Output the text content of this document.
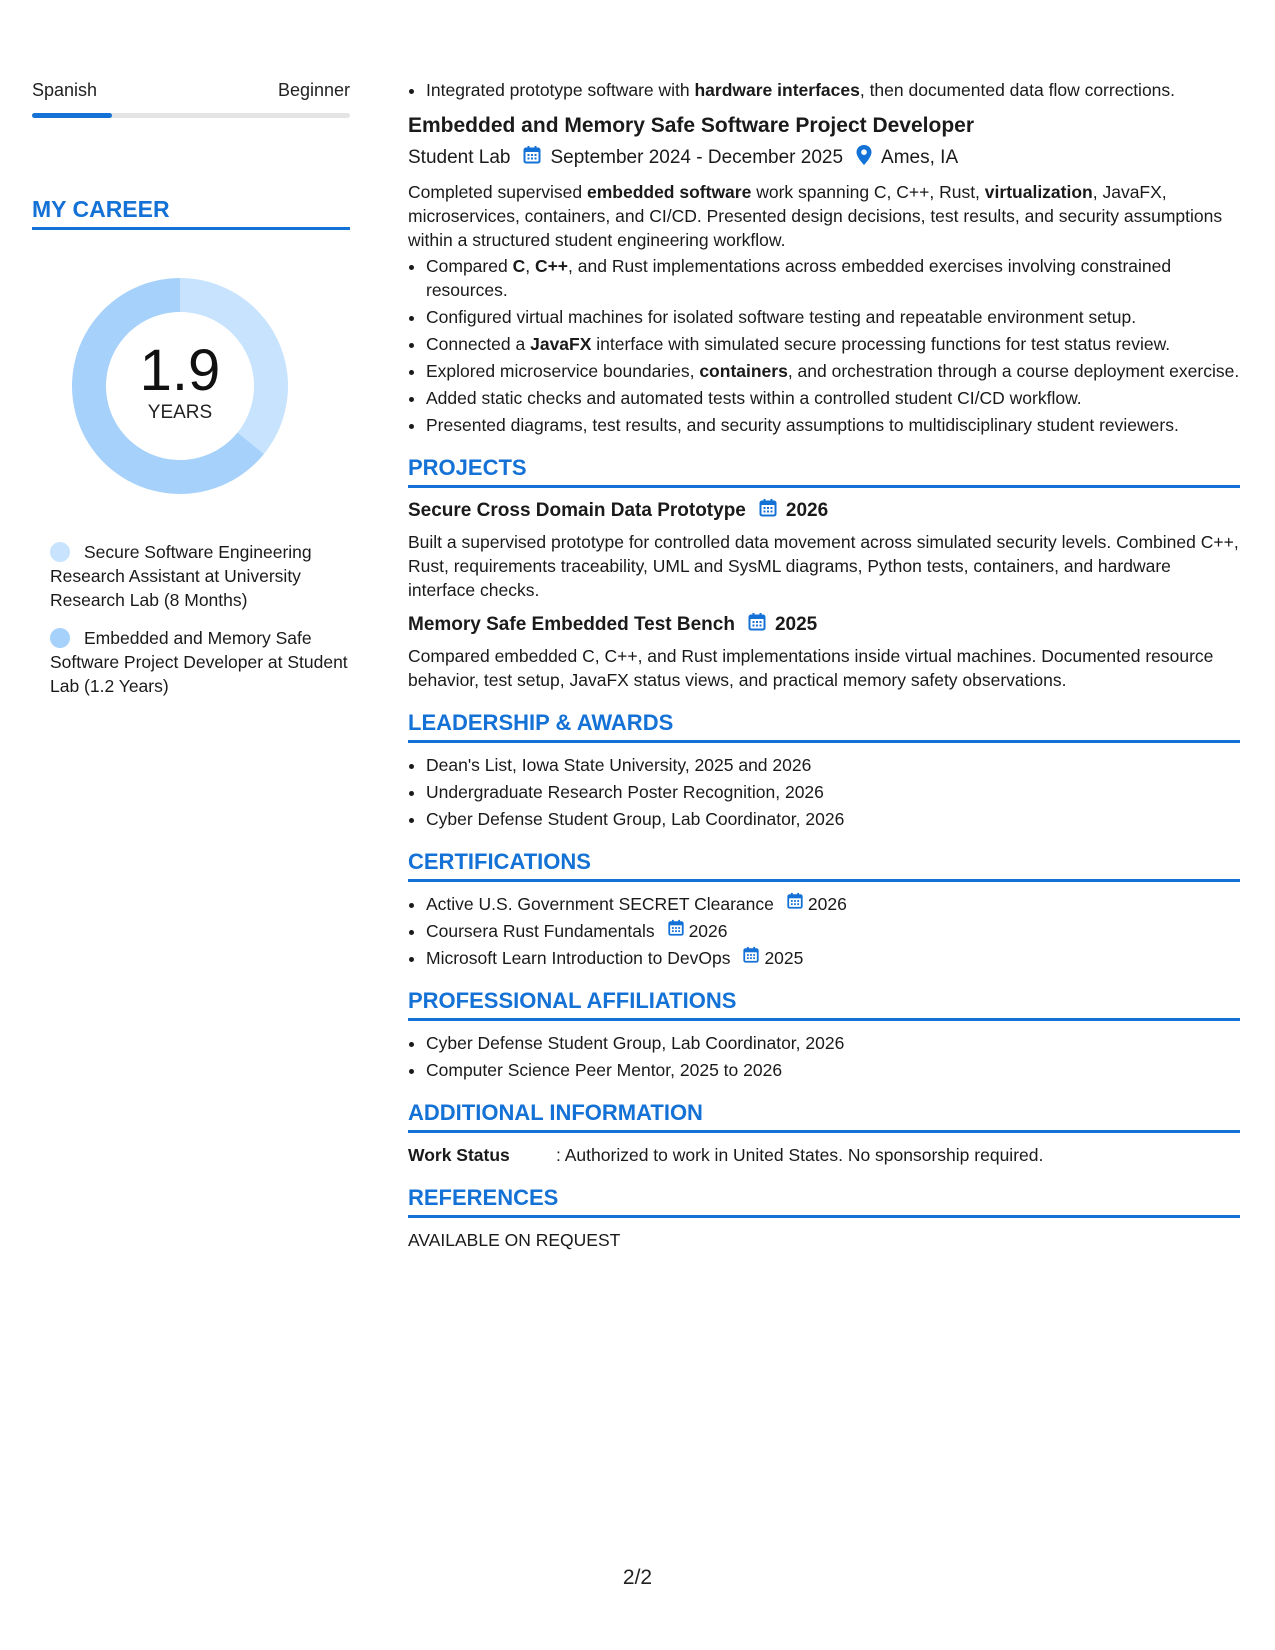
Spanish	Beginner
MY CAREER
1.9
YEARS
Secure Software Engineering Research Assistant at University Research Lab (8 Months)
Embedded and Memory Safe Software Project Developer at Student Lab (1.2 Years)
• Integrated prototype software with hardware interfaces, then documented data flow corrections.
Embedded and Memory Safe Software Project Developer
Student Lab September 2024 - December 2025 Ames, IA
Completed supervised embedded software work spanning C, C++, Rust, virtualization, JavaFX, microservices, containers, and CI/CD. Presented design decisions, test results, and security assumptions within a structured student engineering workflow.
• Compared C, C++, and Rust implementations across embedded exercises involving constrained resources.
• Configured virtual machines for isolated software testing and repeatable environment setup.
• Connected a JavaFX interface with simulated secure processing functions for test status review.
• Explored microservice boundaries, containers, and orchestration through a course deployment exercise.
• Added static checks and automated tests within a controlled student CI/CD workflow.
• Presented diagrams, test results, and security assumptions to multidisciplinary student reviewers.
PROJECTS
Secure Cross Domain Data Prototype 2026
Built a supervised prototype for controlled data movement across simulated security levels. Combined C++, Rust, requirements traceability, UML and SysML diagrams, Python tests, containers, and hardware interface checks.
Memory Safe Embedded Test Bench 2025
Compared embedded C, C++, and Rust implementations inside virtual machines. Documented resource behavior, test setup, JavaFX status views, and practical memory safety observations.
LEADERSHIP & AWARDS
• Dean's List, Iowa State University, 2025 and 2026
• Undergraduate Research Poster Recognition, 2026
• Cyber Defense Student Group, Lab Coordinator, 2026
CERTIFICATIONS
• Active U.S. Government SECRET Clearance 2026
• Coursera Rust Fundamentals 2026
• Microsoft Learn Introduction to DevOps 2025
PROFESSIONAL AFFILIATIONS
• Cyber Defense Student Group, Lab Coordinator, 2026
• Computer Science Peer Mentor, 2025 to 2026
ADDITIONAL INFORMATION
Work Status	: Authorized to work in United States. No sponsorship required.
REFERENCES
AVAILABLE ON REQUEST
2/2
